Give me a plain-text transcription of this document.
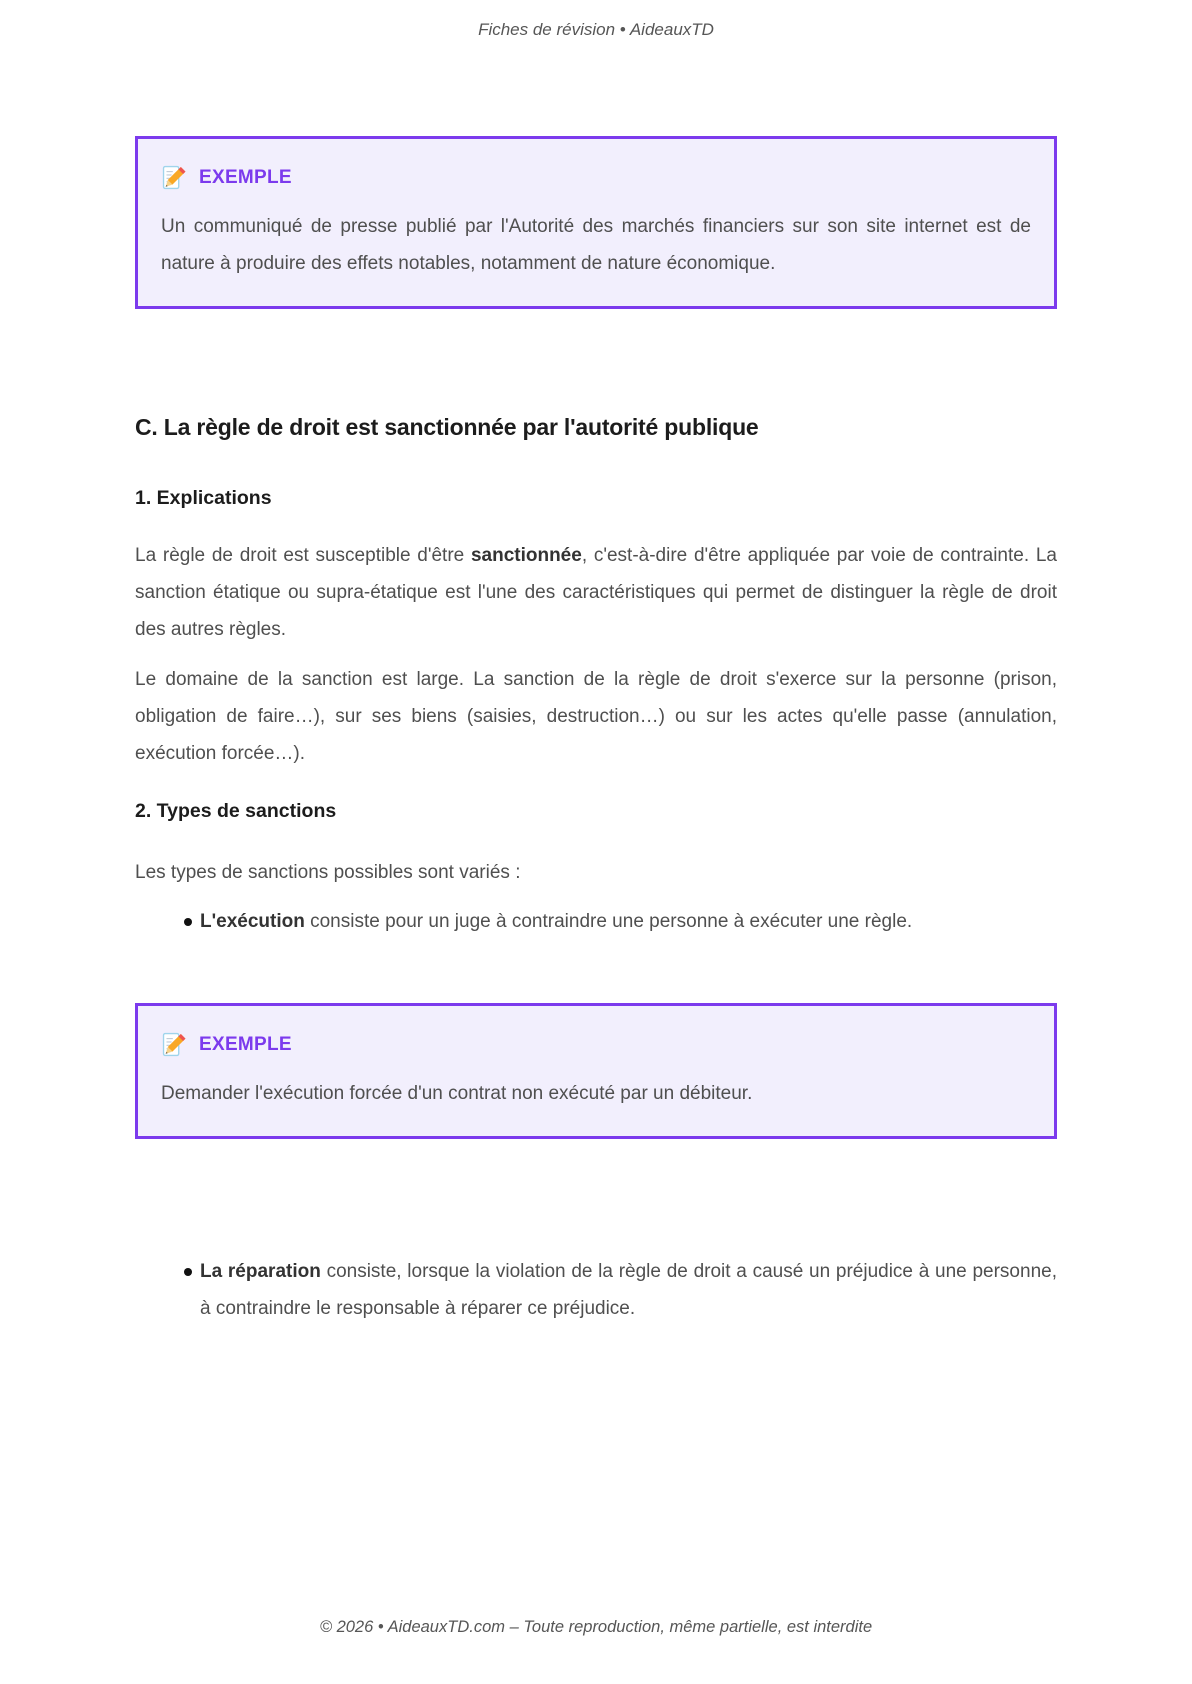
Fiches de révision • AideauxTD
EXEMPLE
Un communiqué de presse publié par l'Autorité des marchés financiers sur son site internet est de nature à produire des effets notables, notamment de nature économique.
C. La règle de droit est sanctionnée par l'autorité publique
1. Explications
La règle de droit est susceptible d'être sanctionnée, c'est-à-dire d'être appliquée par voie de contrainte. La sanction étatique ou supra-étatique est l'une des caractéristiques qui permet de distinguer la règle de droit des autres règles.
Le domaine de la sanction est large. La sanction de la règle de droit s'exerce sur la personne (prison, obligation de faire…), sur ses biens (saisies, destruction…) ou sur les actes qu'elle passe (annulation, exécution forcée…).
2. Types de sanctions
Les types de sanctions possibles sont variés :
L'exécution consiste pour un juge à contraindre une personne à exécuter une règle.
EXEMPLE
Demander l'exécution forcée d'un contrat non exécuté par un débiteur.
La réparation consiste, lorsque la violation de la règle de droit a causé un préjudice à une personne, à contraindre le responsable à réparer ce préjudice.
© 2026 • AideauxTD.com – Toute reproduction, même partielle, est interdite
